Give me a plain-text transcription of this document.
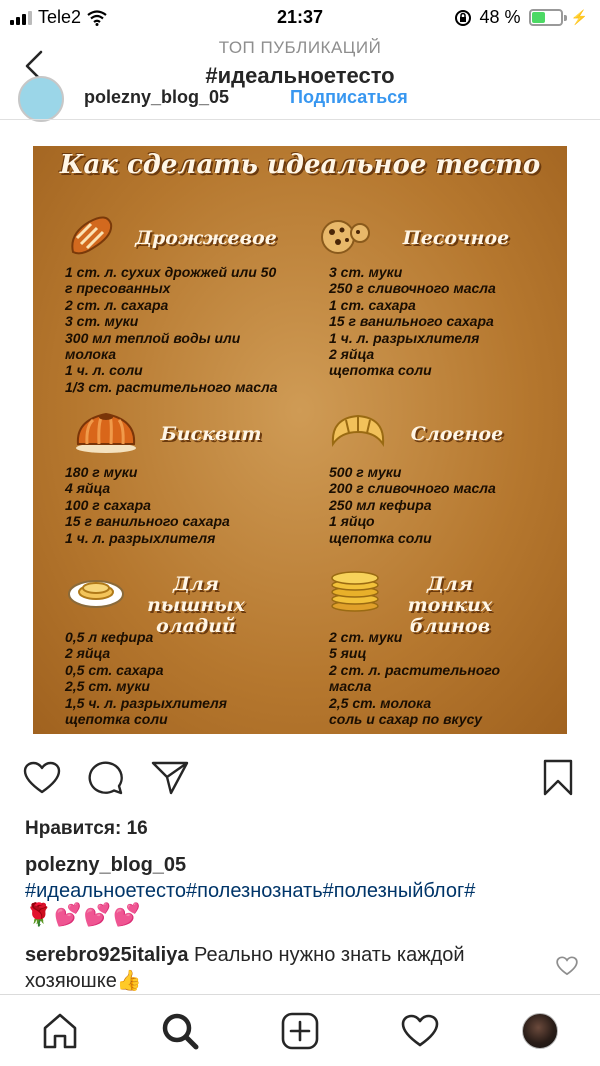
Tele2	21:37	48 %	⚡
ТОП ПУБЛИКАЦИЙ
#идеальноетесто
polezny_blog_05	Подписаться
Как сделать идеальное тесто
Дрожжевое	Песочное
Бисквит	Слоеное
Для пышных оладий
Для тонких блинов
1 ст. л. сухих дрожжей или 50
г пресованных
2 ст. л. сахара
3 ст. муки
300 мл теплой воды или
молока
1 ч. л. соли
1/3 ст. растительного масла
3 ст. муки
250 г сливочного масла
1 ст. сахара
15 г ванильного сахара
1 ч. л. разрыхлителя
2 яйца
щепотка соли
180 г муки
4 яйца
100 г сахара
15 г ванильного сахара
1 ч. л. разрыхлителя
500 г муки
200 г сливочного масла
250 мл кефира
1 яйцо
щепотка соли
0,5 л кефира
2 яйца
0,5 ст. сахара
2,5 ст. муки
1,5 ч. л. разрыхлителя
щепотка соли
2 ст. муки
5 яиц
2 ст. л. растительного
масла
2,5 ст. молока
соль и сахар по вкусу
Нравится: 16
polezny_blog_05
#идеальноетесто#полезнознать#полезныйблог#
🌹💕💕💕
serebro925italiya Реально нужно знать каждой хозяюшке👍
